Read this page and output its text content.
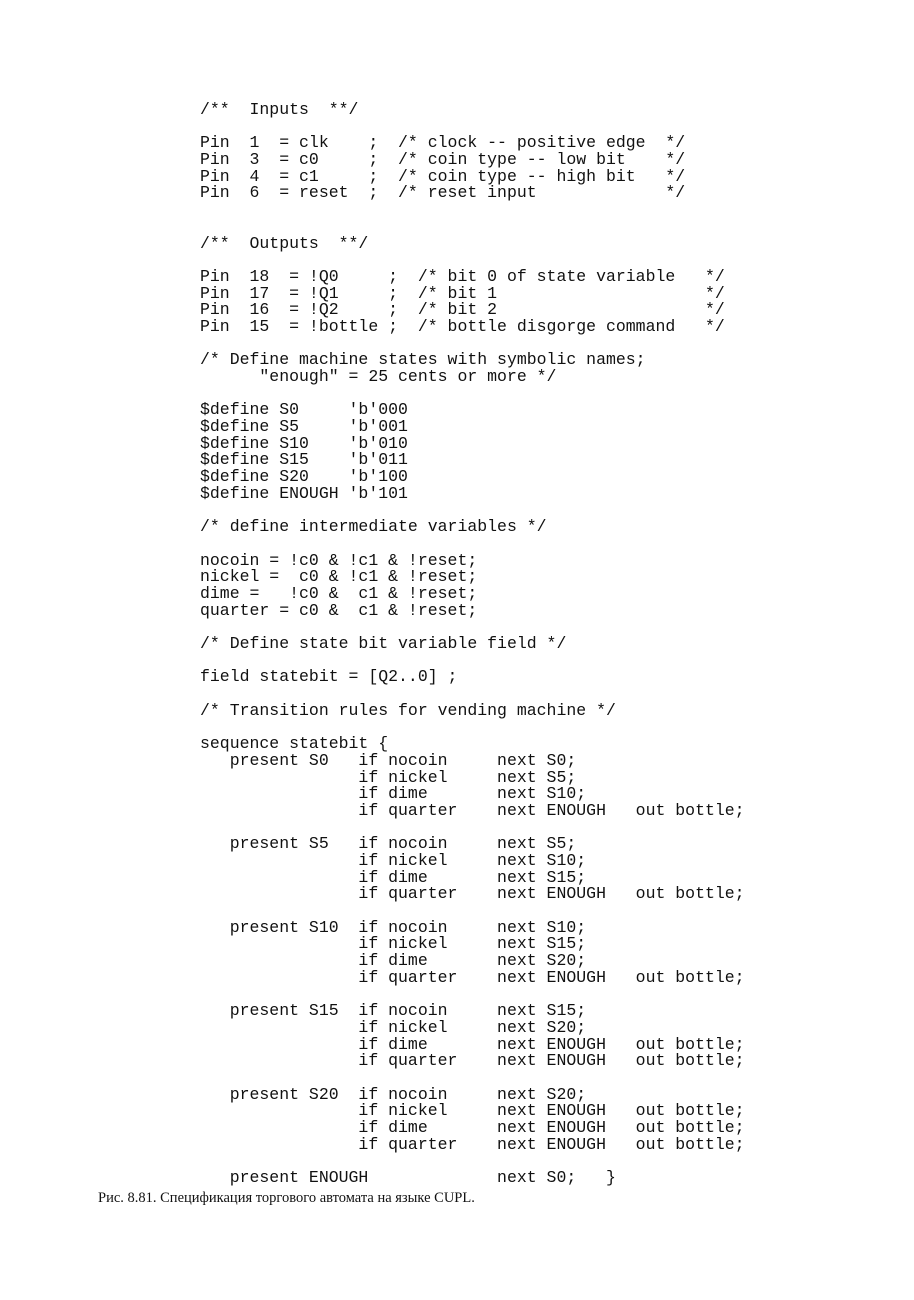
/**  Inputs  **/
Pin  1  = clk    ;  /* clock -- positive edge  */
Pin  3  = c0     ;  /* coin type -- low bit    */
Pin  4  = c1     ;  /* coin type -- high bit   */
Pin  6  = reset  ;  /* reset input             */
/**  Outputs  **/
Pin  18  = !Q0     ;  /* bit 0 of state variable   */
Pin  17  = !Q1     ;  /* bit 1                     */
Pin  16  = !Q2     ;  /* bit 2                     */
Pin  15  = !bottle ;  /* bottle disgorge command   */
/* Define machine states with symbolic names;
"enough" = 25 cents or more */
$define S0     'b'000
$define S5     'b'001
$define S10    'b'010
$define S15    'b'011
$define S20    'b'100
$define ENOUGH 'b'101
/* define intermediate variables */
nocoin = !c0 & !c1 & !reset;
nickel =  c0 & !c1 & !reset;
dime =   !c0 &  c1 & !reset;
quarter = c0 &  c1 & !reset;
/* Define state bit variable field */
field statebit = [Q2..0] ;
/* Transition rules for vending machine */
sequence statebit {
present S0   if nocoin     next S0;
if nickel     next S5;
if dime       next S10;
if quarter    next ENOUGH   out bottle;
present S5   if nocoin     next S5;
if nickel     next S10;
if dime       next S15;
if quarter    next ENOUGH   out bottle;
present S10  if nocoin     next S10;
if nickel     next S15;
if dime       next S20;
if quarter    next ENOUGH   out bottle;
present S15  if nocoin     next S15;
if nickel     next S20;
if dime       next ENOUGH   out bottle;
if quarter    next ENOUGH   out bottle;
present S20  if nocoin     next S20;
if nickel     next ENOUGH   out bottle;
if dime       next ENOUGH   out bottle;
if quarter    next ENOUGH   out bottle;
present ENOUGH             next S0;   }
Рис. 8.81. Спецификация торгового автомата на языке CUPL.
